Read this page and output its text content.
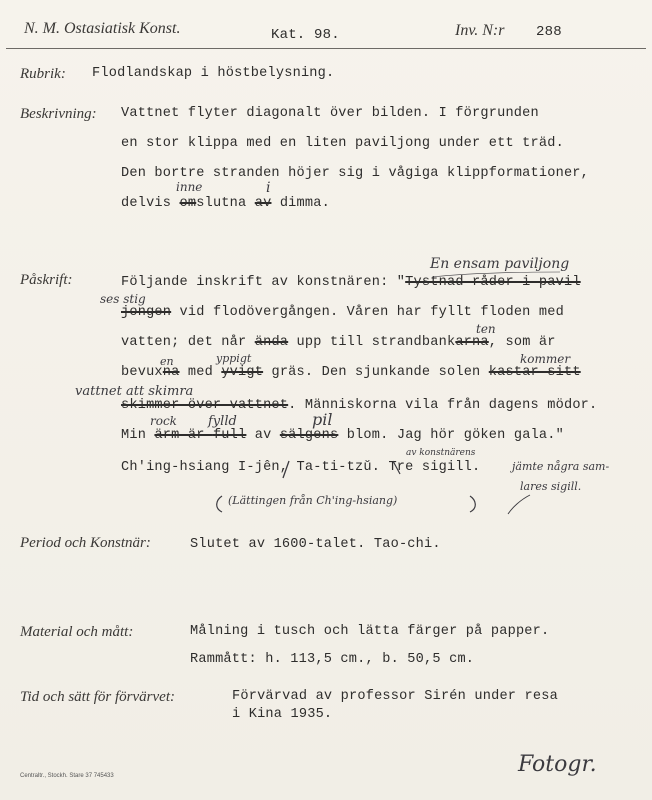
N. M. Ostasiatisk Konst.	Kat. 98.	Inv. N:r 288
Rubrik: Flodlandskap i höstbelysning.
Beskrivning: Vattnet flyter diagonalt över bilden. I förgrunden
en stor klippa med en liten paviljong under ett träd.
Den bortre stranden höjer sig i vågiga klippformationer,
delvis omslutna av dimma.
inne	i
Påskrift:	Följande inskrift av konstnären: "Tystnad råder i pavil
En ensam paviljong
jongen vid flodövergången. Våren har fyllt floden med
ses stig
vatten; det når ända upp till strandbankarna, som är
ten
bevuxna med yvigt gräs. Den sjunkande solen kastar sitt
en	yppigt	kommer
skimmer över vattnet. Människorna vila från dagens mödor.
vattnet att skimra
Min ärm är full av sälgens blom. Jag hör göken gala."
rock fylld	pil
Ch'ing-hsiang I-jên, Ta-ti-tzŭ. Tre sigill.
av konstnärens
jämte några sam-
lares sigill.
(Lättingen från Ch'ing-hsiang)
Period och Konstnär:	Slutet av 1600-talet. Tao-chi.
Material och mått:	Målning i tusch och lätta färger på papper.
Rammått: h. 113,5 cm., b. 50,5 cm.
Tid och sätt för förvärvet:	Förvärvad av professor Sirén under resa
i Kina 1935.
Centraltr., Stockh. Stare 37 745433	Fotogr.
